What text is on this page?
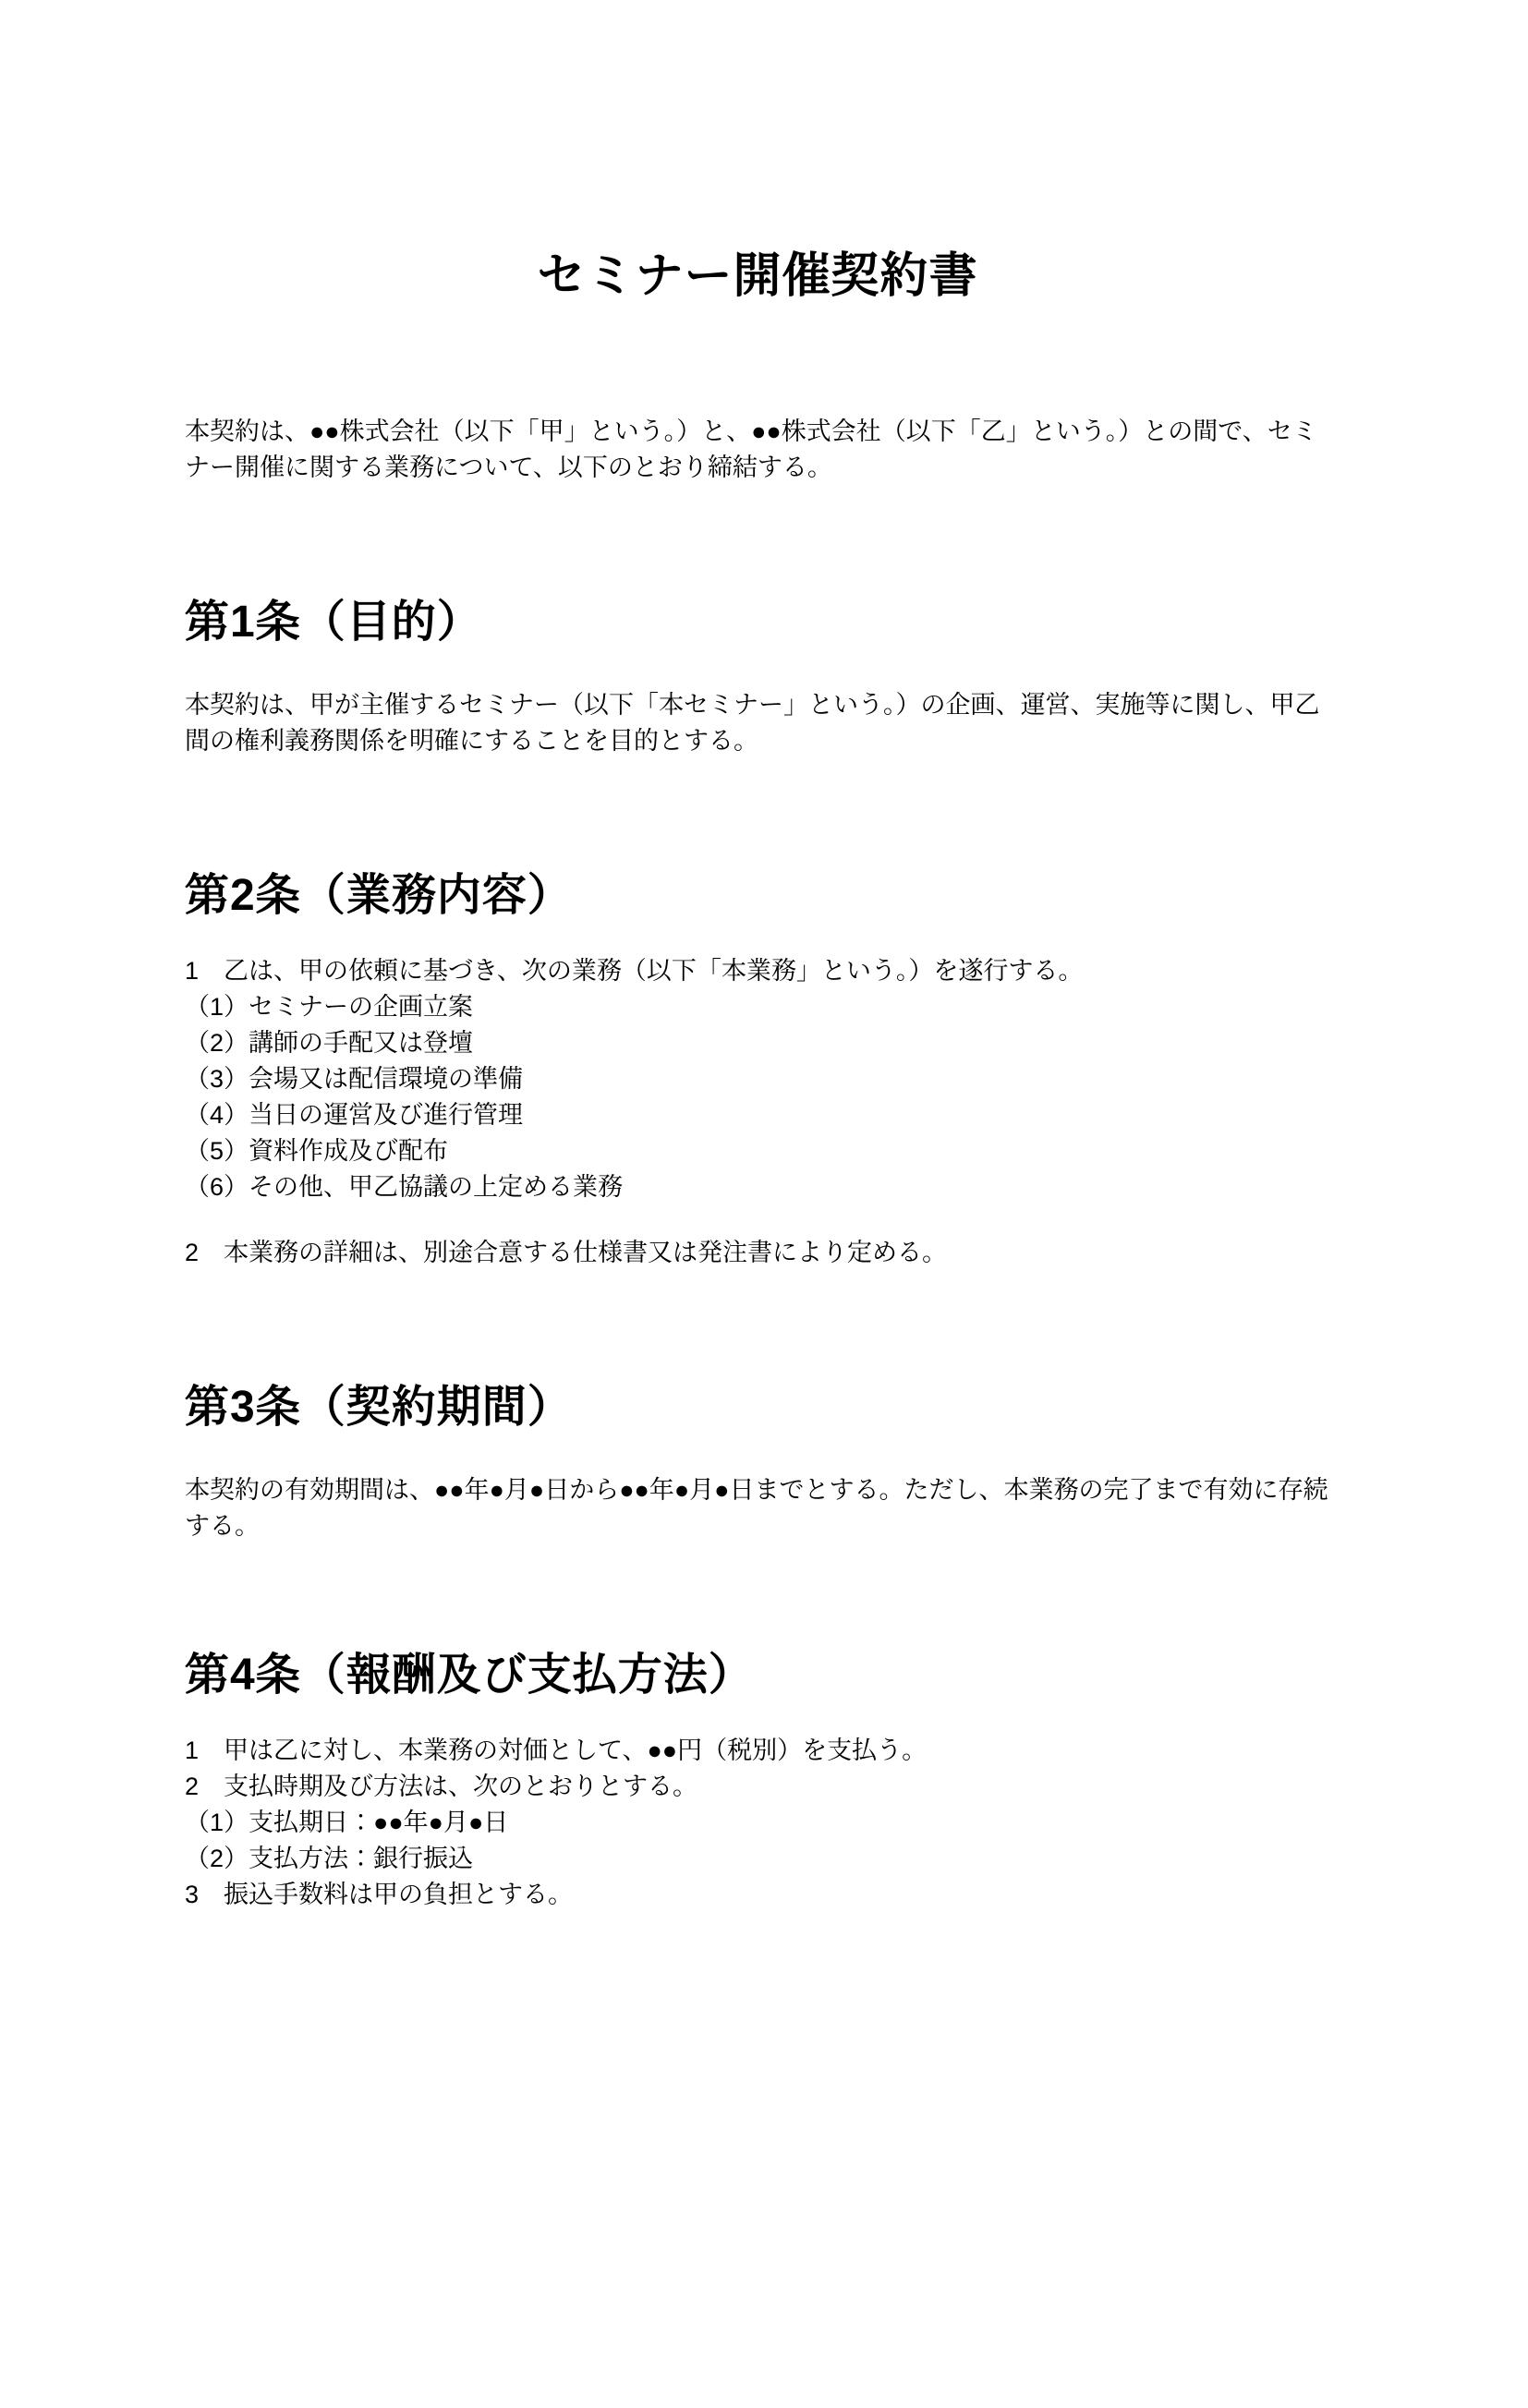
セミナー開催契約書

本契約は、●●株式会社（以下「甲」という。）と、●●株式会社（以下「乙」という。）との間で、セミナー開催に関する業務について、以下のとおり締結する。

第1条（目的）

本契約は、甲が主催するセミナー（以下「本セミナー」という。）の企画、運営、実施等に関し、甲乙間の権利義務関係を明確にすることを目的とする。

第2条（業務内容）
1　乙は、甲の依頼に基づき、次の業務（以下「本業務」という。）を遂行する。
（1）セミナーの企画立案
（2）講師の手配又は登壇
（3）会場又は配信環境の準備
（4）当日の運営及び進行管理
（5）資料作成及び配布
（6）その他、甲乙協議の上定める業務
2　本業務の詳細は、別途合意する仕様書又は発注書により定める。
第3条（契約期間）

本契約の有効期間は、●●年●月●日から●●年●月●日までとする。ただし、本業務の完了まで有効に存続する。

第4条（報酬及び支払方法）
1　甲は乙に対し、本業務の対価として、●●円（税別）を支払う。
2　支払時期及び方法は、次のとおりとする。
（1）支払期日：●●年●月●日
（2）支払方法：銀行振込
3　振込手数料は甲の負担とする。
